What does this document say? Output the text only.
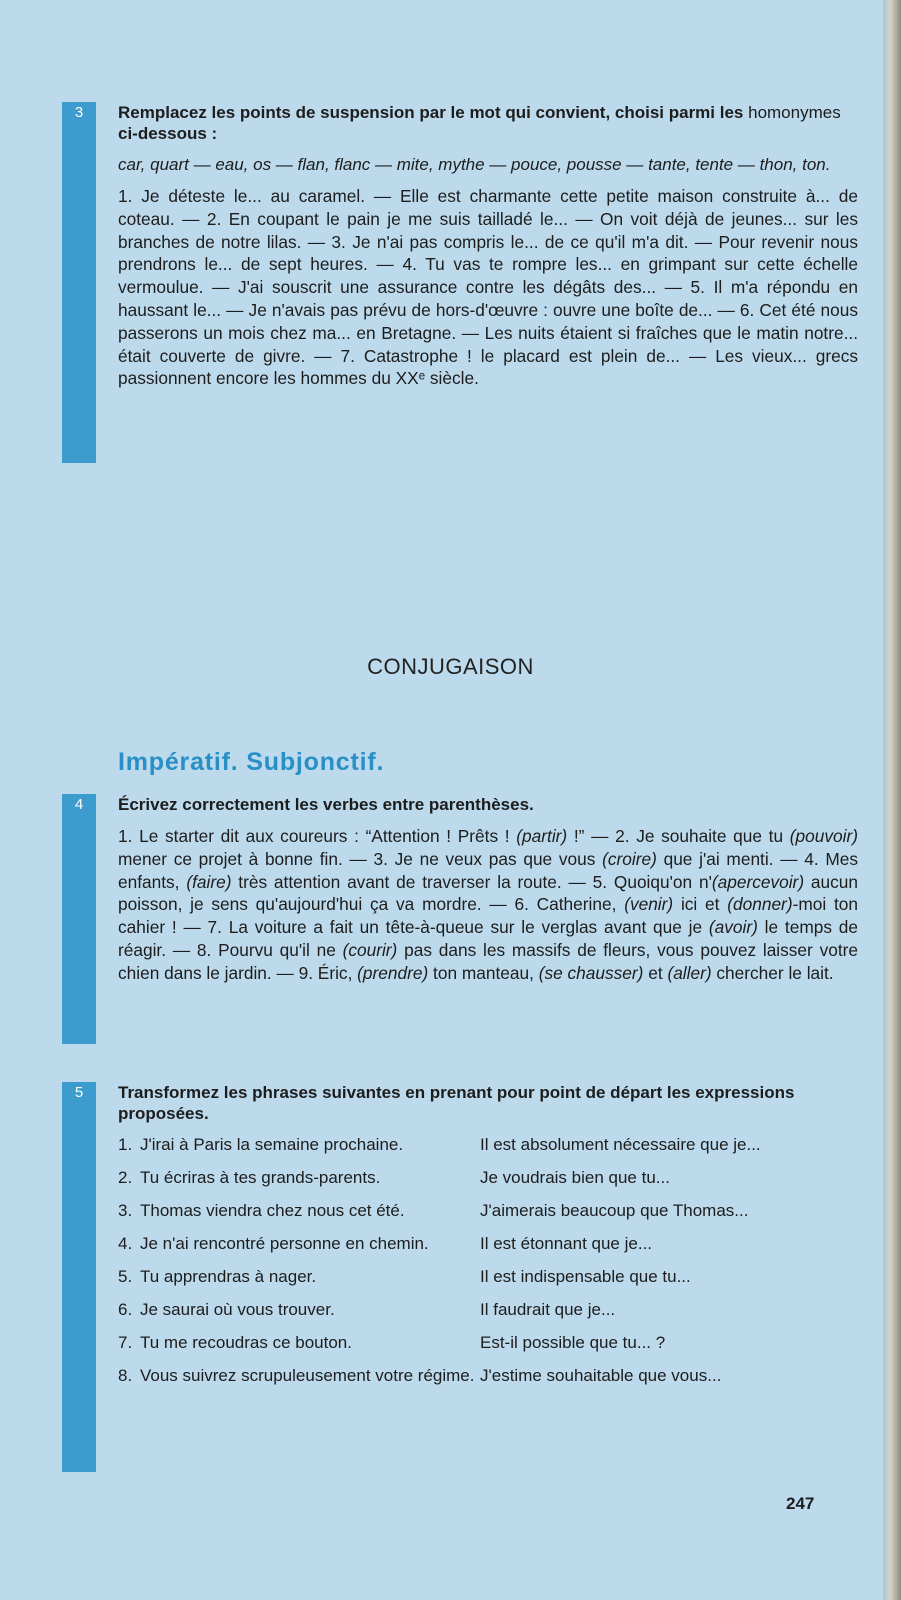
3	Remplacez les points de suspension par le mot qui convient, choisi parmi les homonymes ci-dessous :

car, quart — eau, os — flan, flanc — mite, mythe — pouce, pousse — tante, tente — thon, ton.

1. Je déteste le... au caramel. — Elle est charmante cette petite maison construite à... de coteau. — 2. En coupant le pain je me suis tailladé le... — On voit déjà de jeunes... sur les branches de notre lilas. — 3. Je n'ai pas compris le... de ce qu'il m'a dit. — Pour revenir nous prendrons le... de sept heures. — 4. Tu vas te rompre les... en grimpant sur cette échelle vermoulue. — J'ai souscrit une assurance contre les dégâts des... — 5. Il m'a répondu en haussant le... — Je n'avais pas prévu de hors-d'œuvre : ouvre une boîte de... — 6. Cet été nous passerons un mois chez ma... en Bretagne. — Les nuits étaient si fraîches que le matin notre... était couverte de givre. — 7. Catastrophe ! le placard est plein de... — Les vieux... grecs passionnent encore les hommes du XXᵉ siècle.

CONJUGAISON
Impératif. Subjonctif.
4	Écrivez correctement les verbes entre parenthèses.

1. Le starter dit aux coureurs : “Attention ! Prêts ! (partir) !” — 2. Je souhaite que tu (pouvoir) mener ce projet à bonne fin. — 3. Je ne veux pas que vous (croire) que j'ai menti. — 4. Mes enfants, (faire) très attention avant de traverser la route. — 5. Quoiqu'on n'(apercevoir) aucun poisson, je sens qu'aujourd'hui ça va mordre. — 6. Catherine, (venir) ici et (donner)-moi ton cahier ! — 7. La voiture a fait un tête-à-queue sur le verglas avant que je (avoir) le temps de réagir. — 8. Pourvu qu'il ne (courir) pas dans les massifs de fleurs, vous pouvez laisser votre chien dans le jardin. — 9. Éric, (prendre) ton manteau, (se chausser) et (aller) chercher le lait.

5	Transformez les phrases suivantes en prenant pour point de départ les expressions proposées.

1. J'irai à Paris la semaine prochaine.	Il est absolument nécessaire que je...
2. Tu écriras à tes grands-parents.	Je voudrais bien que tu...
3. Thomas viendra chez nous cet été.	J'aimerais beaucoup que Thomas...
4. Je n'ai rencontré personne en chemin.	Il est étonnant que je...
5. Tu apprendras à nager.	Il est indispensable que tu...
6. Je saurai où vous trouver.	Il faudrait que je...
7. Tu me recoudras ce bouton.	Est-il possible que tu... ?
8. Vous suivrez scrupuleusement votre régime. J'estime souhaitable que vous...
247
